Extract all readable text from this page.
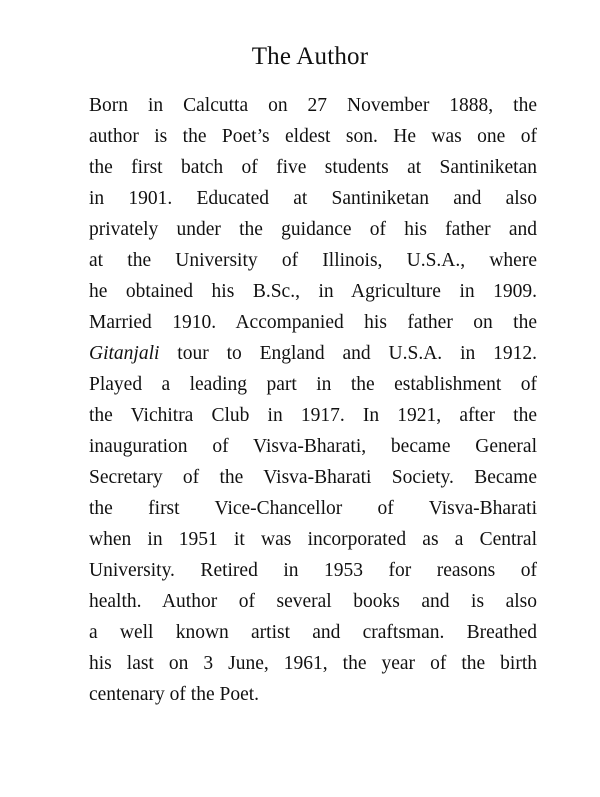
The Author
Born in Calcutta on 27 November 1888, the
author is the Poet’s eldest son. He was one of
the first batch of five students at Santiniketan
in 1901. Educated at Santiniketan and also
privately under the guidance of his father and
at the University of Illinois, U.S.A., where
he obtained his B.Sc., in Agriculture in 1909.
Married 1910. Accompanied his father on the
Gitanjali tour to England and U.S.A. in 1912.
Played a leading part in the establishment of
the Vichitra Club in 1917. In 1921, after the
inauguration of Visva-Bharati, became General
Secretary of the Visva-Bharati Society. Became
the first Vice-Chancellor of Visva-Bharati
when in 1951 it was incorporated as a Central
University. Retired in 1953 for reasons of
health. Author of several books and is also
a well known artist and craftsman. Breathed
his last on 3 June, 1961, the year of the birth
centenary of the Poet.
